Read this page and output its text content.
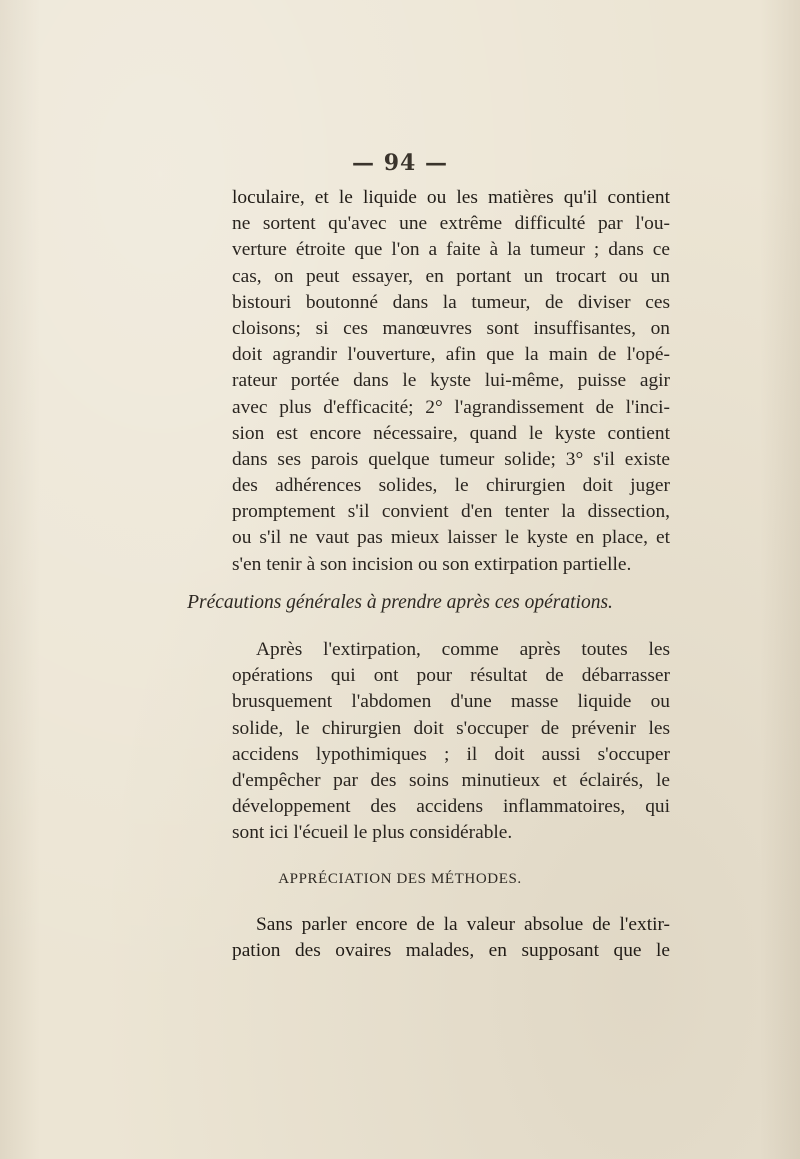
— 94 —
loculaire, et le liquide ou les matières qu'il contient
ne sortent qu'avec une extrême difficulté par l'ou-
verture étroite que l'on a faite à la tumeur ; dans ce
cas, on peut essayer, en portant un trocart ou un
bistouri boutonné dans la tumeur, de diviser ces
cloisons; si ces manœuvres sont insuffisantes, on
doit agrandir l'ouverture, afin que la main de l'opé-
rateur portée dans le kyste lui-même, puisse agir
avec plus d'efficacité; 2° l'agrandissement de l'inci-
sion est encore nécessaire, quand le kyste contient
dans ses parois quelque tumeur solide; 3° s'il existe
des adhérences solides, le chirurgien doit juger
promptement s'il convient d'en tenter la dissection,
ou s'il ne vaut pas mieux laisser le kyste en place, et
s'en tenir à son incision ou son extirpation partielle.
Précautions générales à prendre après ces opérations.
Après l'extirpation, comme après toutes les
opérations qui ont pour résultat de débarrasser
brusquement l'abdomen d'une masse liquide ou
solide, le chirurgien doit s'occuper de prévenir les
accidens lypothimiques ; il doit aussi s'occuper
d'empêcher par des soins minutieux et éclairés, le
développement des accidens inflammatoires, qui
sont ici l'écueil le plus considérable.
APPRÉCIATION DES MÉTHODES.
Sans parler encore de la valeur absolue de l'extir-
pation des ovaires malades, en supposant que le
